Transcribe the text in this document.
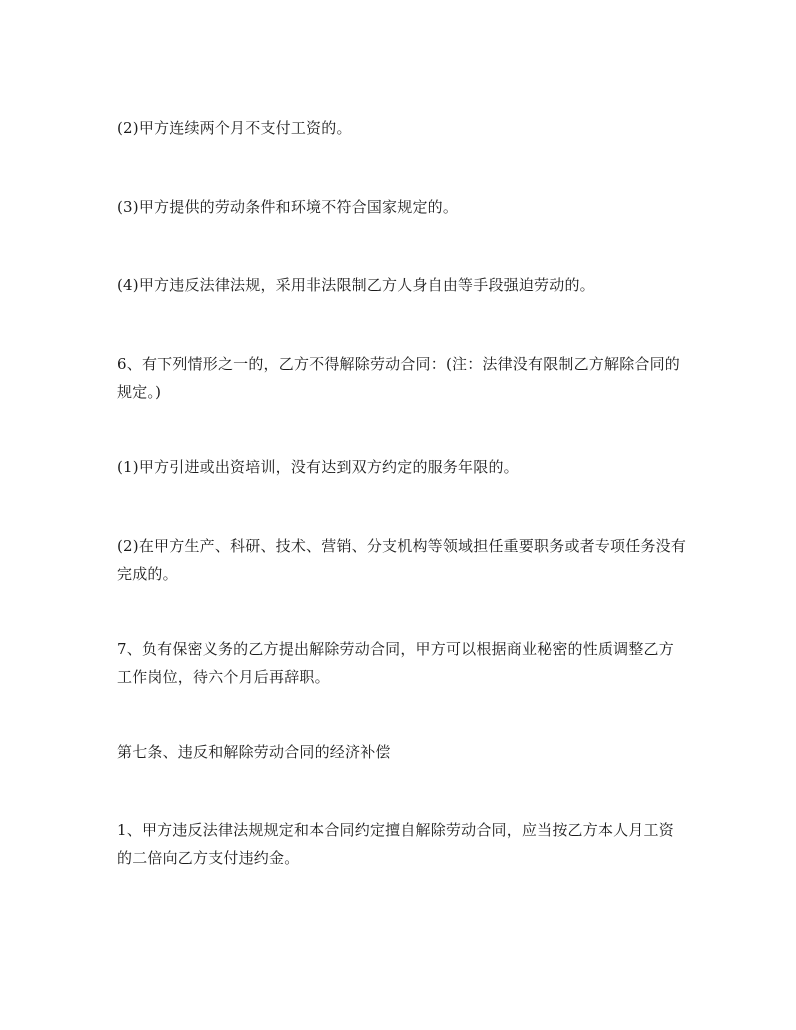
(2)甲方连续两个月不支付工资的。

(3)甲方提供的劳动条件和环境不符合国家规定的。

(4)甲方违反法律法规，采用非法限制乙方人身自由等手段强迫劳动的。

6、有下列情形之一的，乙方不得解除劳动合同：(注：法律没有限制乙方解除合同的规定。)

(1)甲方引进或出资培训，没有达到双方约定的服务年限的。

(2)在甲方生产、科研、技术、营销、分支机构等领域担任重要职务或者专项任务没有完成的。

7、负有保密义务的乙方提出解除劳动合同，甲方可以根据商业秘密的性质调整乙方工作岗位，待六个月后再辞职。

第七条、违反和解除劳动合同的经济补偿

1、甲方违反法律法规规定和本合同约定擅自解除劳动合同，应当按乙方本人月工资的二倍向乙方支付违约金。
